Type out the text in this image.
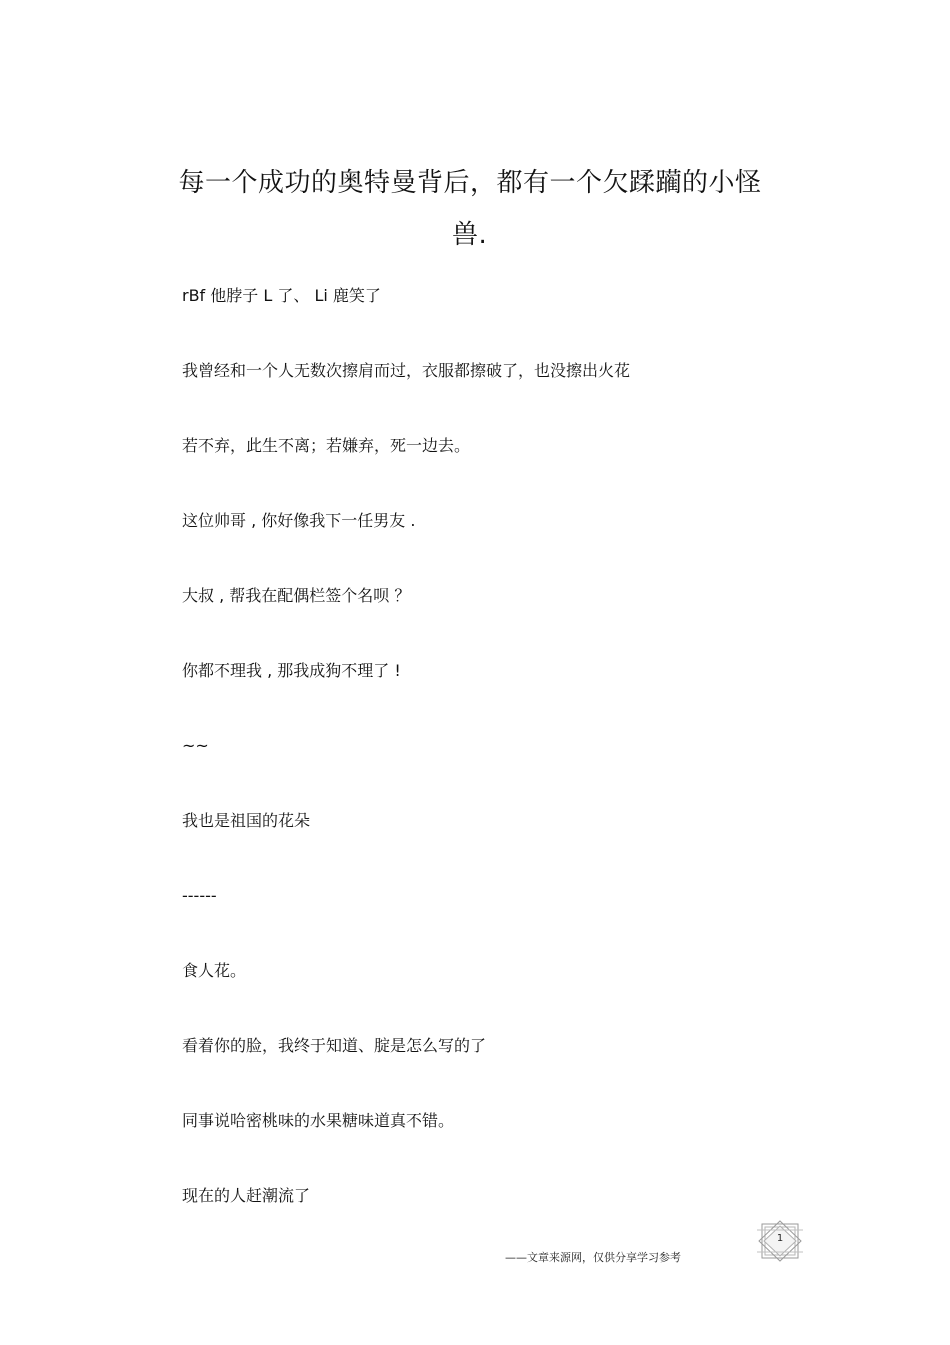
每一个成功的奥特曼背后，都有一个欠蹂躏的小怪
兽.
rBf 他脖子 L 了、 Li 鹿笑了
我曾经和一个人无数次擦肩而过，衣服都擦破了，也没擦出火花
若不弃，此生不离；若嫌弃，死一边去。
这位帅哥 , 你好像我下一任男友 .
大叔 , 帮我在配偶栏签个名呗 ？
你都不理我 , 那我成狗不理了 !
~~
我也是祖国的花朵
------
食人花。
看着你的脸，我终于知道、腚是怎么写的了
同事说哈密桃味的水果糖味道真不错。
现在的人赶潮流了
——文章来源网，仅供分享学习参考
1
